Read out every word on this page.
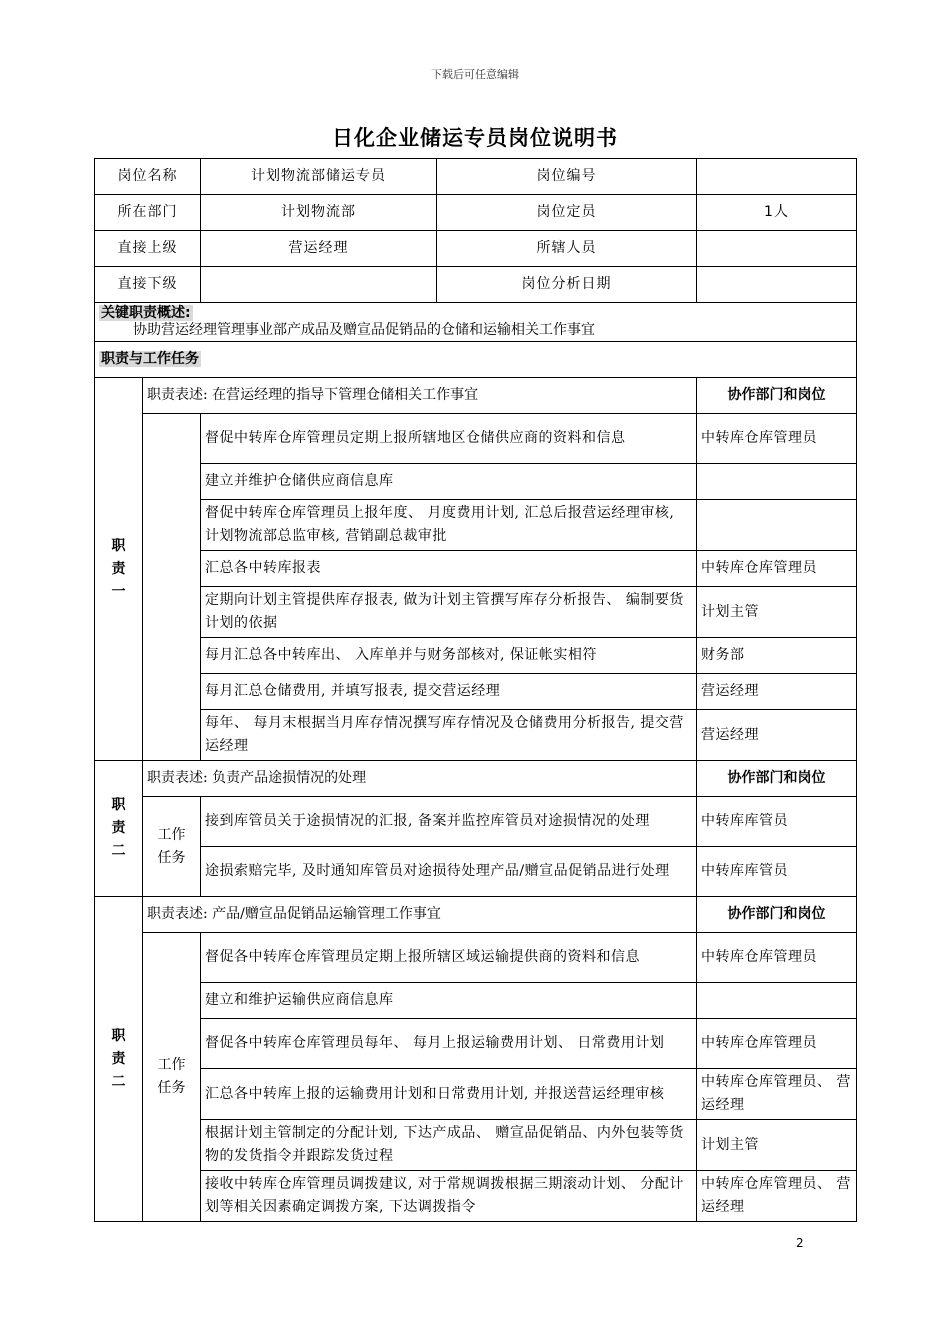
下载后可任意编辑
日化企业储运专员岗位说明书
岗位名称		计划物流部储运专员	岗位编号	
所在部门		计划物流部	岗位定员	1人
直接上级		营运经理	所辖人员	
直接下级			岗位分析日期	
关键职责概述:
协助营运经理管理事业部产成品及赠宣品促销品的仓储和运输相关工作事宜				
职责与工作任务				

职
责
一	职责表述: 在营运经理的指导下管理仓储相关工作事宜			协作部门和岗位
		督促中转库仓库管理员定期上报所辖地区仓储供应商的资料和信息		中转库仓库管理员
		建立并维护仓储供应商信息库		
		督促中转库仓库管理员上报年度、 月度费用计划, 汇总后报营运经理审核, 计划物流部总监审核, 营销副总裁审批		
		汇总各中转库报表		中转库仓库管理员
		定期向计划主管提供库存报表, 做为计划主管撰写库存分析报告、 编制要货计划的依据		计划主管
		每月汇总各中转库出、 入库单并与财务部核对, 保证帐实相符		财务部
		每月汇总仓储费用, 并填写报表, 提交营运经理		营运经理
		每年、 每月末根据当月库存情况撰写库存情况及仓储费用分析报告, 提交营运经理		营运经理

职
责
二	职责表述: 负责产品途损情况的处理			协作部门和岗位

	工作
任务	接到库管员关于途损情况的汇报, 备案并监控库管员对途损情况的处理		中转库库管员
		途损索赔完毕, 及时通知库管员对途损待处理产品/赠宣品促销品进行处理		中转库库管员

职
责
二	职责表述: 产品/赠宣品促销品运输管理工作事宜			协作部门和岗位

	工作
任务	督促各中转库仓库管理员定期上报所辖区域运输提供商的资料和信息		中转库仓库管理员
		建立和维护运输供应商信息库		
		督促各中转库仓库管理员每年、 每月上报运输费用计划、 日常费用计划		中转库仓库管理员
		汇总各中转库上报的运输费用计划和日常费用计划, 并报送营运经理审核		中转库仓库管理员、 营运经理
		根据计划主管制定的分配计划, 下达产成品、 赠宣品促销品、内外包装等货物的发货指令并跟踪发货过程		计划主管
		接收中转库仓库管理员调拨建议, 对于常规调拨根据三期滚动计划、 分配计划等相关因素确定调拨方案, 下达调拨指令		中转库仓库管理员、 营运经理
2
